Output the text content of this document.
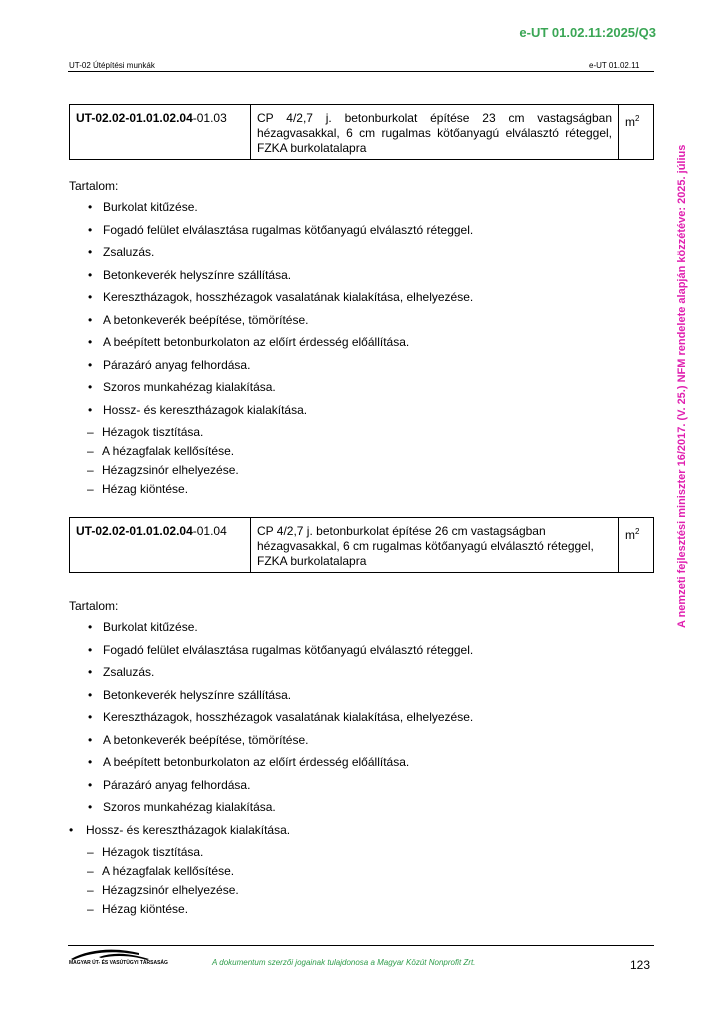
e-UT 01.02.11:2025/Q3
UT-02 Útépítési munkák	e-UT 01.02.11
A nemzeti fejlesztési miniszter 16/2017. (V. 25.) NFM rendelete alapján közzétéve: 2025. július
UT-02.02-01.01.02.04-01.03	CP 4/2,7 j. betonburkolat építése 23 cm vastagságban hézagvasakkal, 6 cm rugalmas kötőanyagú elválasztó réteggel, FZKA burkolatalapra	$m^2$
Tartalom:
• Burkolat kitűzése.
• Fogadó felület elválasztása rugalmas kötőanyagú elválasztó réteggel.
• Zsaluzás.
• Betonkeverék helyszínre szállítása.
• Keresztházagok, hosszhézagok vasalatának kialakítása, elhelyezése.
• A betonkeverék beépítése, tömörítése.
• A beépített betonburkolaton az előírt érdesség előállítása.
• Párazáró anyag felhordása.
• Szoros munkahézag kialakítása.
• Hossz- és keresztházagok kialakítása.
– Hézagok tisztítása.
– A hézagfalak kellősítése.
– Hézagzsinór elhelyezése.
– Hézag kiöntése.
UT-02.02-01.01.02.04-01.04	CP 4/2,7 j. betonburkolat építése 26 cm vastagságban hézagvasakkal, 6 cm rugalmas kötőanyagú elválasztó réteggel, FZKA burkolatalapra	$m^2$
Tartalom:
• Burkolat kitűzése.
• Fogadó felület elválasztása rugalmas kötőanyagú elválasztó réteggel.
• Zsaluzás.
• Betonkeverék helyszínre szállítása.
• Keresztházagok, hosszhézagok vasalatának kialakítása, elhelyezése.
• A betonkeverék beépítése, tömörítése.
• A beépített betonburkolaton az előírt érdesség előállítása.
• Párazáró anyag felhordása.
• Szoros munkahézag kialakítása.
• Hossz- és keresztházagok kialakítása.
– Hézagok tisztítása.
– A hézagfalak kellősítése.
– Hézagzsinór elhelyezése.
– Hézag kiöntése.
MAGYAR ÚT- ÉS VASÚTÜGYI TÁRSASÁG	A dokumentum szerzői jogainak tulajdonosa a Magyar Közút Nonprofit Zrt.	123
